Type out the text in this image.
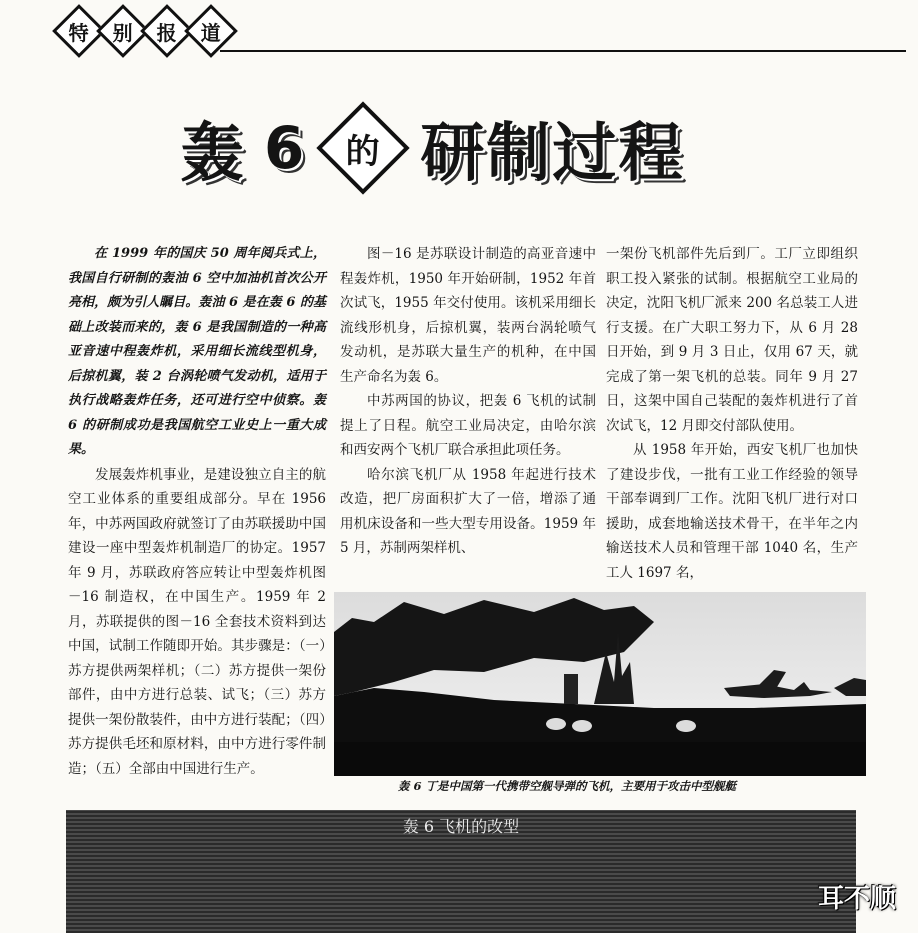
特 别 报 道
轰 6 的 研制过程

在 1999 年的国庆 50 周年阅兵式上，我国自行研制的轰油 6 空中加油机首次公开亮相，颇为引人瞩目。轰油 6 是在轰 6 的基础上改装而来的，轰 6 是我国制造的一种高亚音速中程轰炸机，采用细长流线型机身，后掠机翼，装 2 台涡轮喷气发动机，适用于执行战略轰炸任务，还可进行空中侦察。轰 6 的研制成功是我国航空工业史上一重大成果。

发展轰炸机事业，是建设独立自主的航空工业体系的重要组成部分。早在 1956 年，中苏两国政府就签订了由苏联援助中国建设一座中型轰炸机制造厂的协定。1957 年 9 月，苏联政府答应转让中型轰炸机图－16 制造权，在中国生产。1959 年 2 月，苏联提供的图－16 全套技术资料到达中国，试制工作随即开始。其步骤是：（一）苏方提供两架样机；（二）苏方提供一架份部件，由中方进行总装、试飞；（三）苏方提供一架份散装件，由中方进行装配；（四）苏方提供毛坯和原材料，由中方进行零件制造；（五）全部由中国进行生产。

图－16 是苏联设计制造的高亚音速中程轰炸机，1950 年开始研制，1952 年首次试飞，1955 年交付使用。该机采用细长流线形机身，后掠机翼，装两台涡轮喷气发动机，是苏联大量生产的机种，在中国生产命名为轰 6。

中苏两国的协议，把轰 6 飞机的试制提上了日程。航空工业局决定，由哈尔滨和西安两个飞机厂联合承担此项任务。

哈尔滨飞机厂从 1958 年起进行技术改造，把厂房面积扩大了一倍，增添了通用机床设备和一些大型专用设备。1959 年 5 月，苏制两架样机、

一架份飞机部件先后到厂。工厂立即组织职工投入紧张的试制。根据航空工业局的决定，沈阳飞机厂派来 200 名总装工人进行支援。在广大职工努力下，从 6 月 28 日开始，到 9 月 3 日止，仅用 67 天，就完成了第一架飞机的总装。同年 9 月 27 日，这架中国自己装配的轰炸机进行了首次试飞，12 月即交付部队使用。

从 1958 年开始，西安飞机厂也加快了建设步伐，一批有工业工作经验的领导干部奉调到厂工作。沈阳飞机厂进行对口援助，成套地输送技术骨干，在半年之内输送技术人员和管理干部 1040 名，生产工人 1697 名，

轰 6 丁是中国第一代携带空舰导弹的飞机，主要用于攻击中型舰艇
轰 6 飞机的改型
耳不顺
